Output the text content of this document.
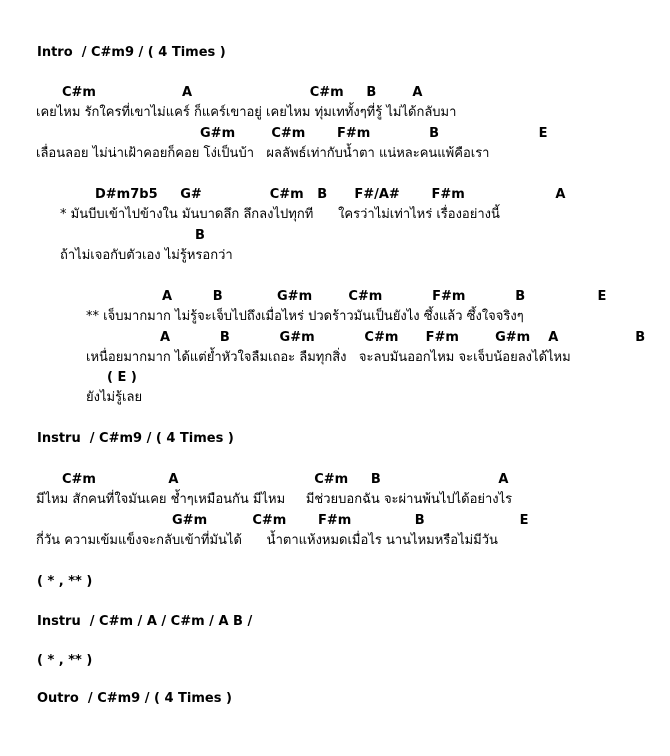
Intro  / C#m9 / ( 4 Times )
C#m                   A                          C#m     B        A
เคยไหม รักใครที่เขาไม่แคร์ ก็แคร์เขาอยู่ เคยไหม ทุ่มเททั้งๆที่รู้ ไม่ได้กลับมา
G#m        C#m       F#m             B                      E
เลื่อนลอย ไม่น่าเฝ้าคอยก็คอย โง่เป็นบ้า   ผลลัพธ์เท่ากับน้ำตา แน่หละคนแพ้คือเรา
D#m7b5     G#               C#m   B      F#/A#       F#m                    A
* มันบีบเข้าไปข้างใน มันบาดลึก ลึกลงไปทุกที      ใครว่าไม่เท่าไหร่ เรื่องอย่างนี้
B
ถ้าไม่เจอกับตัวเอง ไม่รู้หรอกว่า
A         B            G#m        C#m           F#m           B                E
** เจ็บมากมาก ไม่รู้จะเจ็บไปถึงเมื่อไหร่ ปวดร้าวมันเป็นยังไง ซึ้งแล้ว ซึ้งใจจริงๆ
A           B           G#m           C#m      F#m        G#m    A                 B
เหนื่อยมากมาก ได้แต่ย้ำหัวใจลืมเถอะ ลืมทุกสิ่ง   จะลบมันออกไหม จะเจ็บน้อยลงได้ไหม
( E )
ยังไม่รู้เลย
Instru  / C#m9 / ( 4 Times )
C#m                A                              C#m     B                          A
มีไหม สักคนที่ใจมันเคย ช้ำๆเหมือนกัน มีไหม     มีช่วยบอกฉัน จะผ่านพ้นไปได้อย่างไร
G#m          C#m       F#m              B                     E
กี่วัน ความเข้มแข็งจะกลับเข้าที่มันได้      น้ำตาแห้งหมดเมื่อไร นานไหมหรือไม่มีวัน
( * , ** )
Instru  / C#m / A / C#m / A B /
( * , ** )
Outro  / C#m9 / ( 4 Times )
